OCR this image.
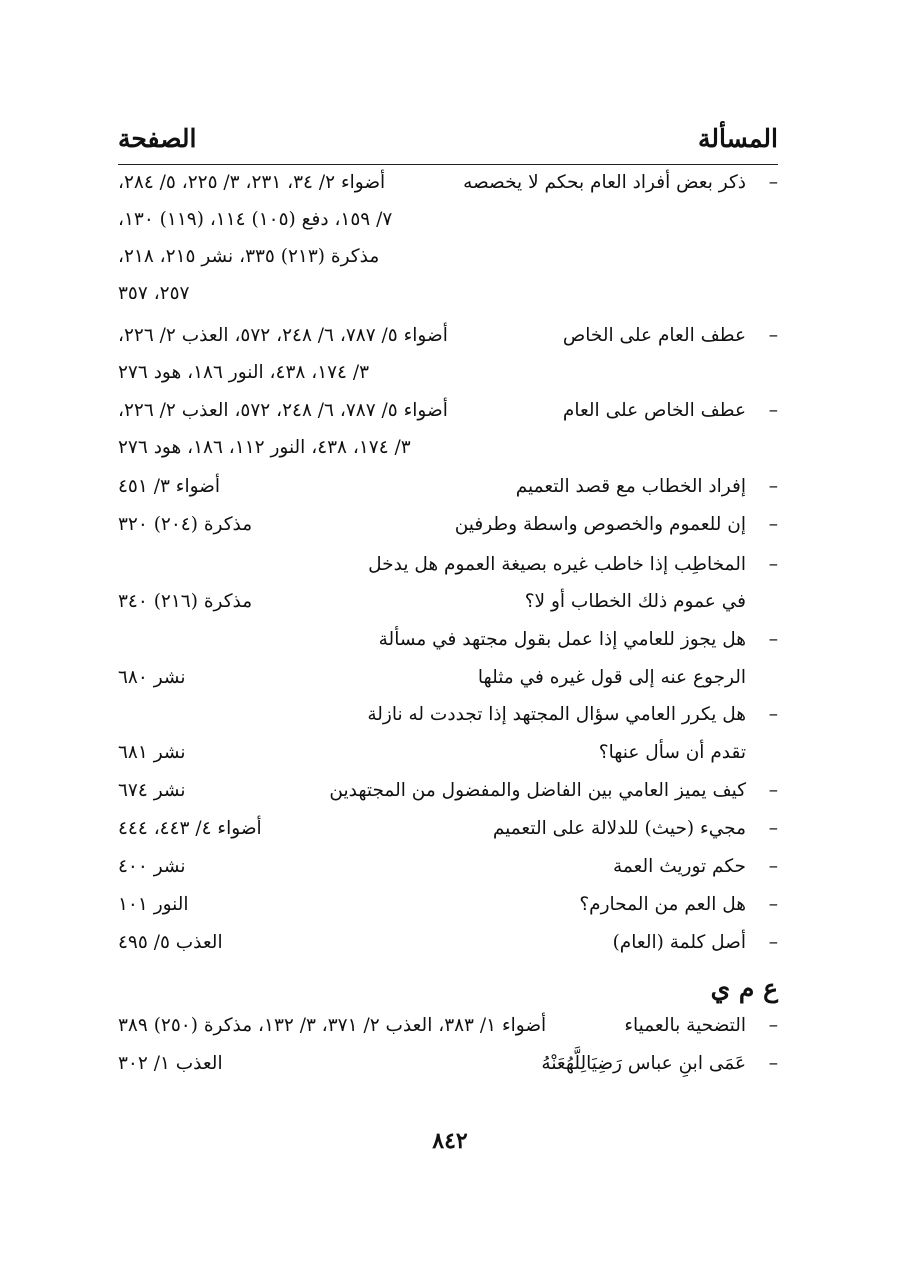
المسألة
الصفحة
–
ذكر بعض أفراد العام بحكم لا يخصصه
أضواء ٢/ ٣٤، ٢٣١، ٣/ ٢٢٥، ٥/ ٢٨٤،
٧/ ١٥٩، دفع (١٠٥) ١١٤، (١١٩) ١٣٠،
مذكرة (٢١٣) ٣٣٥، نشر ٢١٥، ٢١٨،
٢٥٧، ٣٥٧
–
عطف العام على الخاص
أضواء ٥/ ٧٨٧، ٦/ ٢٤٨، ٥٧٢، العذب ٢/ ٢٢٦،
٣/ ١٧٤، ٤٣٨، النور ١٨٦، هود ٢٧٦
–
عطف الخاص على العام
أضواء ٥/ ٧٨٧، ٦/ ٢٤٨، ٥٧٢، العذب ٢/ ٢٢٦،
٣/ ١٧٤، ٤٣٨، النور ١١٢، ١٨٦، هود ٢٧٦
–
إفراد الخطاب مع قصد التعميم
أضواء ٣/ ٤٥١
–
إن للعموم والخصوص واسطة وطرفين
مذكرة (٢٠٤) ٣٢٠
–
المخاطِب إذا خاطب غيره بصيغة العموم هل يدخل
في عموم ذلك الخطاب أو لا؟
مذكرة (٢١٦) ٣٤٠
–
هل يجوز للعامي إذا عمل بقول مجتهد في مسألة
الرجوع عنه إلى قول غيره في مثلها
نشر ٦٨٠
–
هل يكرر العامي سؤال المجتهد إذا تجددت له نازلة
تقدم أن سأل عنها؟
نشر ٦٨١
–
كيف يميز العامي بين الفاضل والمفضول من المجتهدين
نشر ٦٧٤
–
مجيء (حيث) للدلالة على التعميم
أضواء ٤/ ٤٤٣، ٤٤٤
–
حكم توريث العمة
نشر ٤٠٠
–
هل العم من المحارم؟
النور ١٠١
–
أصل كلمة (العام)
العذب ٥/ ٤٩٥
ع م ي
–
التضحية بالعمياء
أضواء ١/ ٣٨٣، العذب ٢/ ٣٧١، ٣/ ١٣٢، مذكرة (٢٥٠) ٣٨٩
–
عَمَى ابنِ عباس رَضِيَالِلَّهُعَنْهُ
العذب ١/ ٣٠٢
٨٤٢
